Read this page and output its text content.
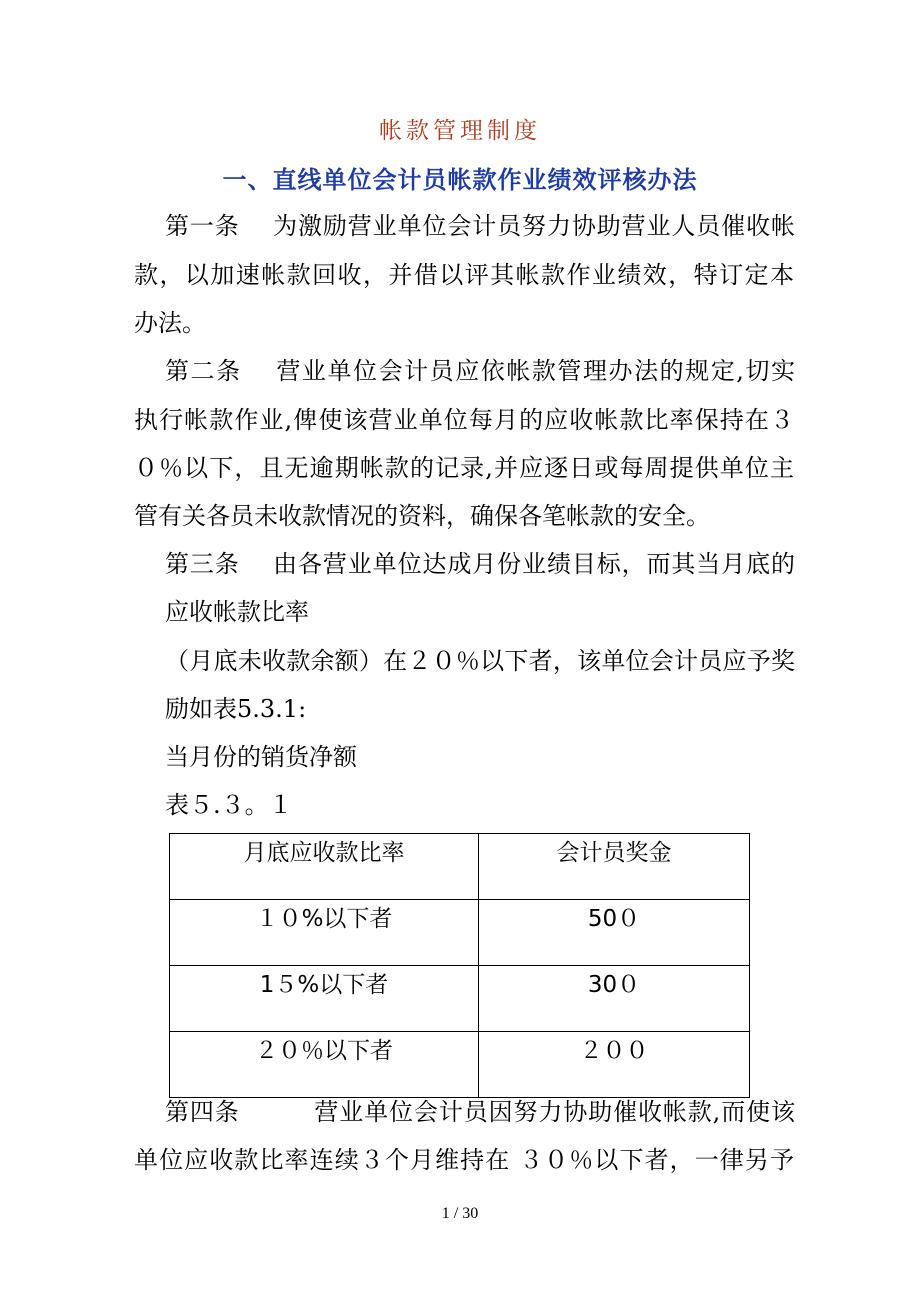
帐款管理制度
一、直线单位会计员帐款作业绩效评核办法
第一条　 为激励营业单位会计员努力协助营业人员催收帐
款，以加速帐款回收，并借以评其帐款作业绩效，特订定本
办法。
第二条　 营业单位会计员应依帐款管理办法的规定,切实
执行帐款作业,俾使该营业单位每月的应收帐款比率保持在３
０％以下，且无逾期帐款的记录,并应逐日或每周提供单位主
管有关各员未收款情况的资料，确保各笔帐款的安全。
第三条　 由各营业单位达成月份业绩目标，而其当月底的
应收帐款比率
（月底未收款余额）在２０％以下者，该单位会计员应予奖
励如表5.3.1:
当月份的销货净额
表５.３。１
月底应收款比率	会计员奖金
１０%以下者	50０
1５%以下者	30０
２０％以下者	２００
第四条　　　营业单位会计员因努力协助催收帐款,而使该
单位应收款比率连续３个月维持在 ３０％以下者，一律另予
1 / 30
